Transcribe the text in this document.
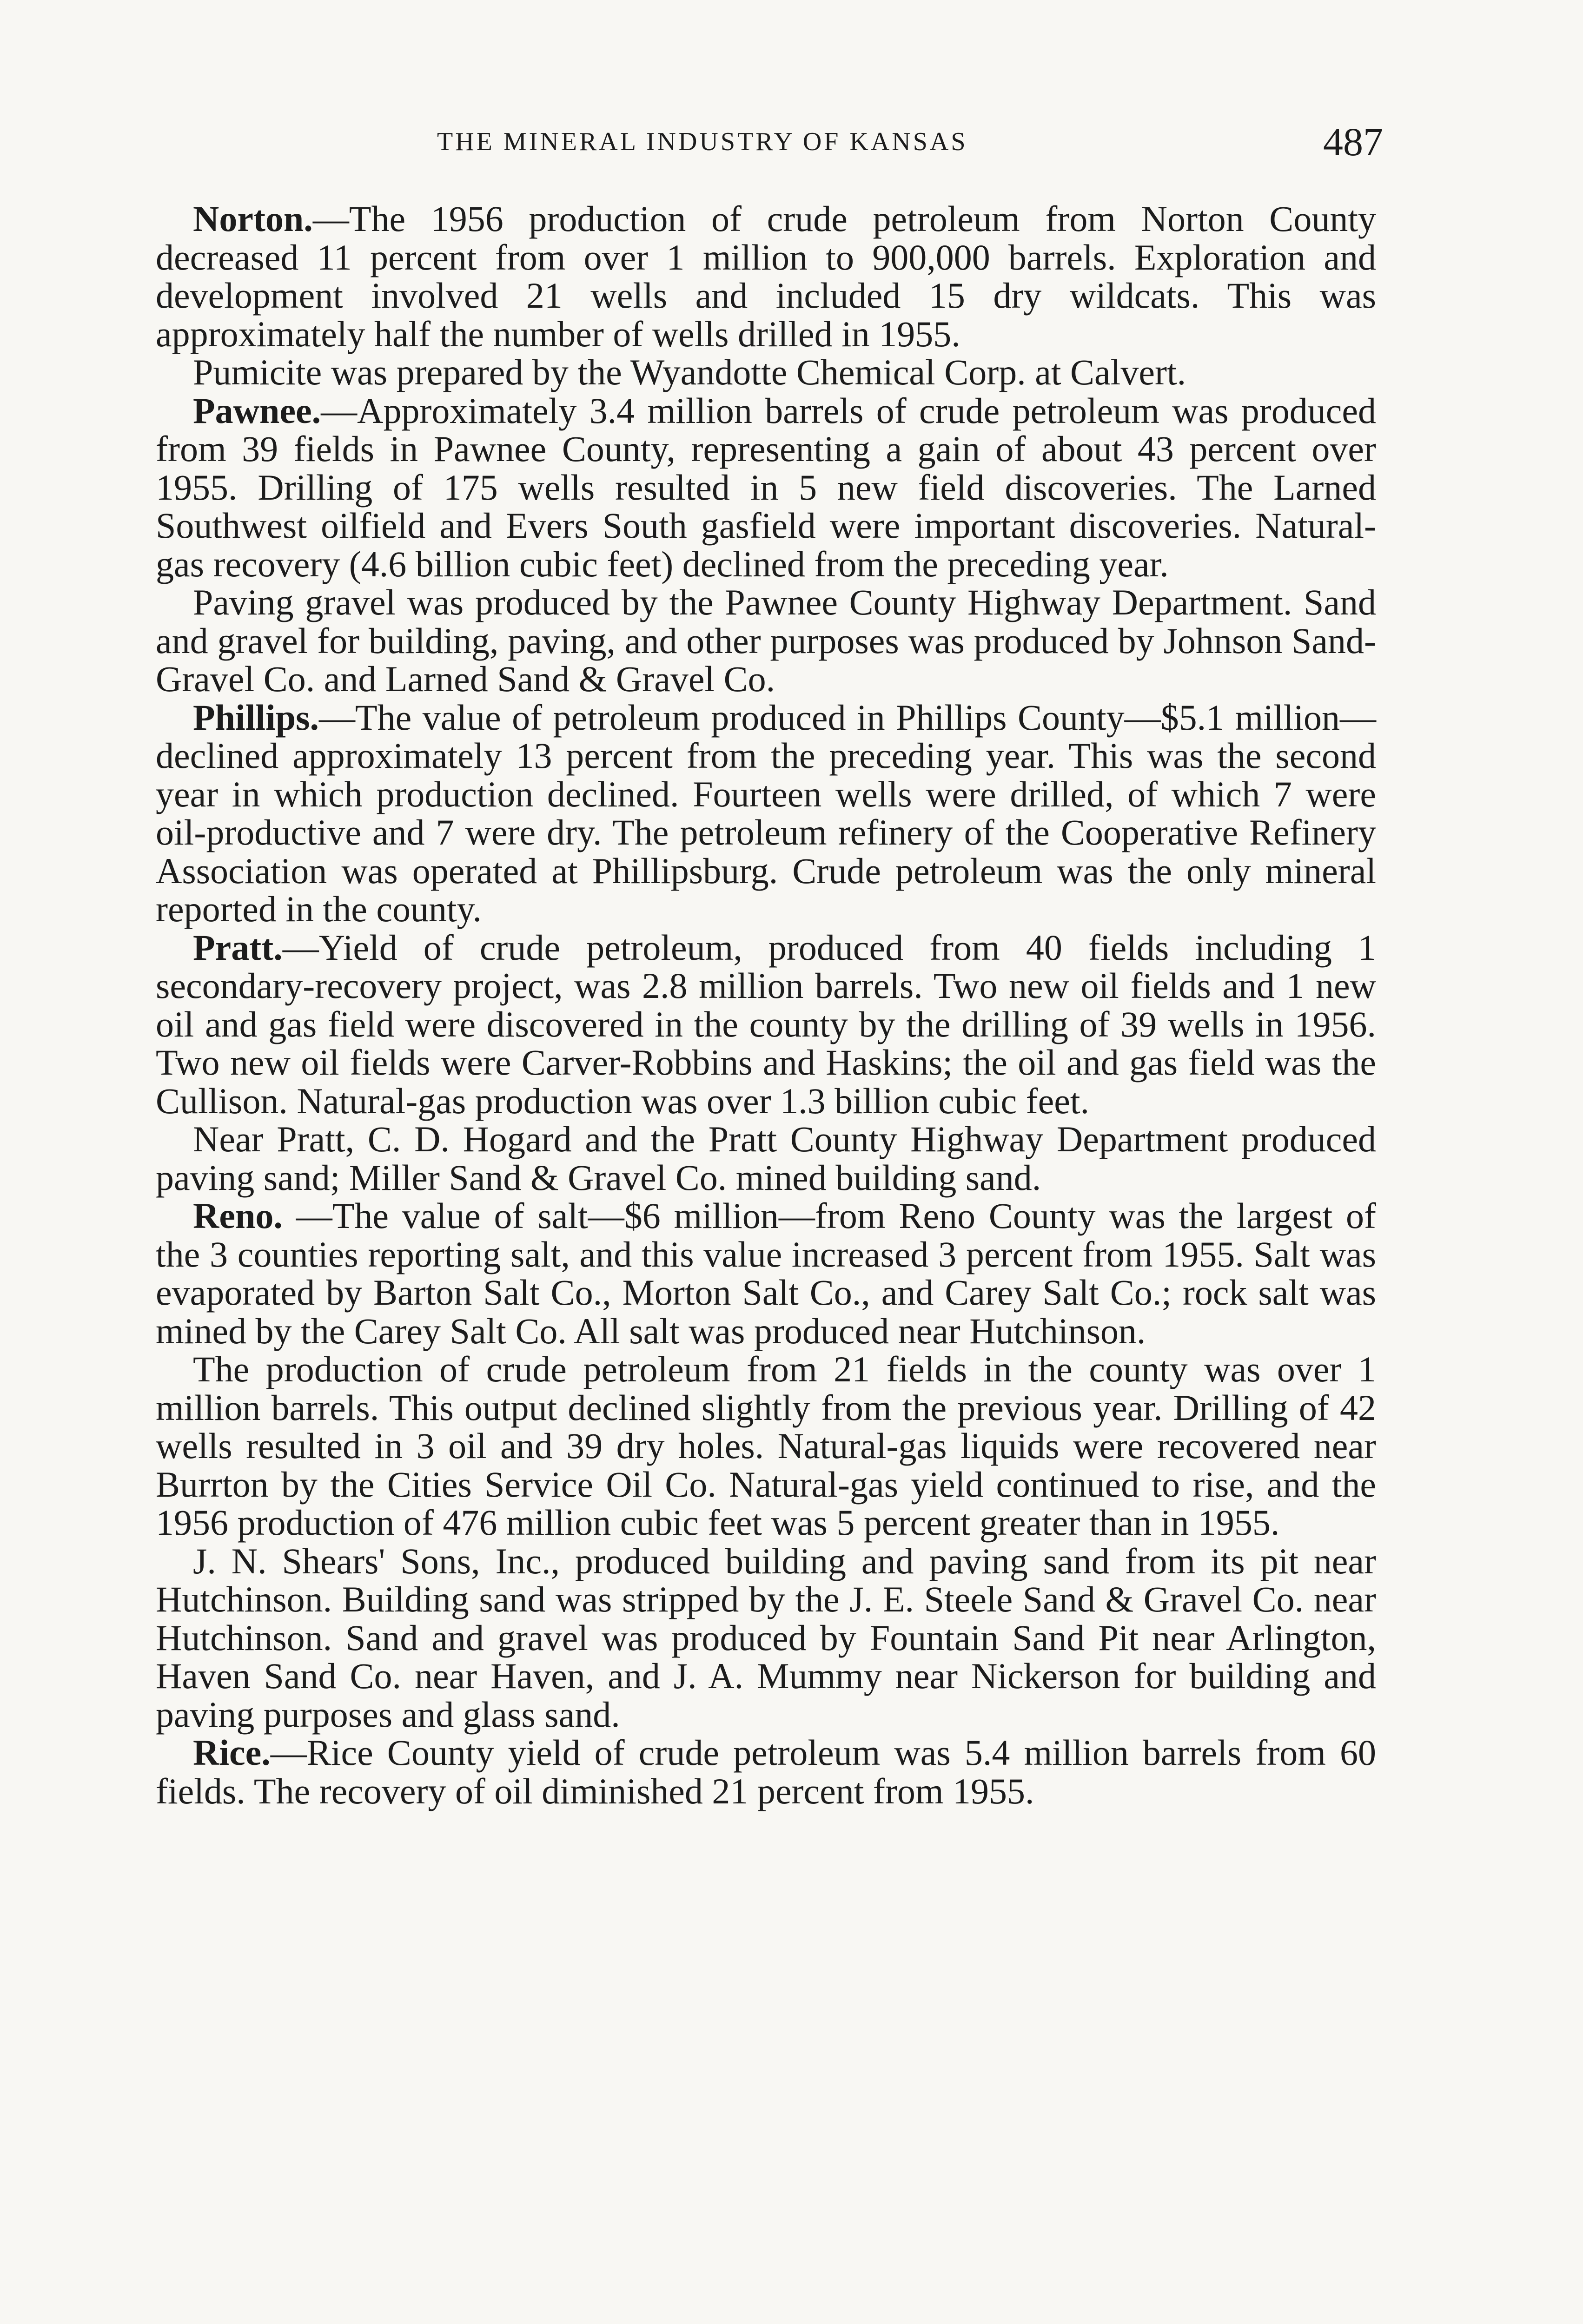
THE MINERAL INDUSTRY OF KANSAS	487

Norton.—The 1956 production of crude petroleum from Norton County decreased 11 percent from over 1 million to 900,000 barrels. Exploration and development involved 21 wells and included 15 dry wildcats. This was approximately half the number of wells drilled in 1955.

Pumicite was prepared by the Wyandotte Chemical Corp. at Calvert.

Pawnee.—Approximately 3.4 million barrels of crude petroleum was produced from 39 fields in Pawnee County, representing a gain of about 43 percent over 1955. Drilling of 175 wells resulted in 5 new field discoveries. The Larned Southwest oilfield and Evers South gasfield were important discoveries. Natural-gas recovery (4.6 billion cubic feet) declined from the preceding year.

Paving gravel was produced by the Pawnee County Highway Department. Sand and gravel for building, paving, and other purposes was produced by Johnson Sand-Gravel Co. and Larned Sand & Gravel Co.

Phillips.—The value of petroleum produced in Phillips County—$5.1 million—declined approximately 13 percent from the preceding year. This was the second year in which production declined. Fourteen wells were drilled, of which 7 were oil-productive and 7 were dry. The petroleum refinery of the Cooperative Refinery Association was operated at Phillipsburg. Crude petroleum was the only mineral reported in the county.

Pratt.—Yield of crude petroleum, produced from 40 fields including 1 secondary-recovery project, was 2.8 million barrels. Two new oil fields and 1 new oil and gas field were discovered in the county by the drilling of 39 wells in 1956. Two new oil fields were Carver-Robbins and Haskins; the oil and gas field was the Cullison. Natural-gas production was over 1.3 billion cubic feet.

Near Pratt, C. D. Hogard and the Pratt County Highway Department produced paving sand; Miller Sand & Gravel Co. mined building sand.

Reno. —The value of salt—$6 million—from Reno County was the largest of the 3 counties reporting salt, and this value increased 3 percent from 1955. Salt was evaporated by Barton Salt Co., Morton Salt Co., and Carey Salt Co.; rock salt was mined by the Carey Salt Co. All salt was produced near Hutchinson.

The production of crude petroleum from 21 fields in the county was over 1 million barrels. This output declined slightly from the previous year. Drilling of 42 wells resulted in 3 oil and 39 dry holes. Natural-gas liquids were recovered near Burrton by the Cities Service Oil Co. Natural-gas yield continued to rise, and the 1956 production of 476 million cubic feet was 5 percent greater than in 1955.

J. N. Shears' Sons, Inc., produced building and paving sand from its pit near Hutchinson. Building sand was stripped by the J. E. Steele Sand & Gravel Co. near Hutchinson. Sand and gravel was produced by Fountain Sand Pit near Arlington, Haven Sand Co. near Haven, and J. A. Mummy near Nickerson for building and paving purposes and glass sand.

Rice.—Rice County yield of crude petroleum was 5.4 million barrels from 60 fields. The recovery of oil diminished 21 percent from 1955.
